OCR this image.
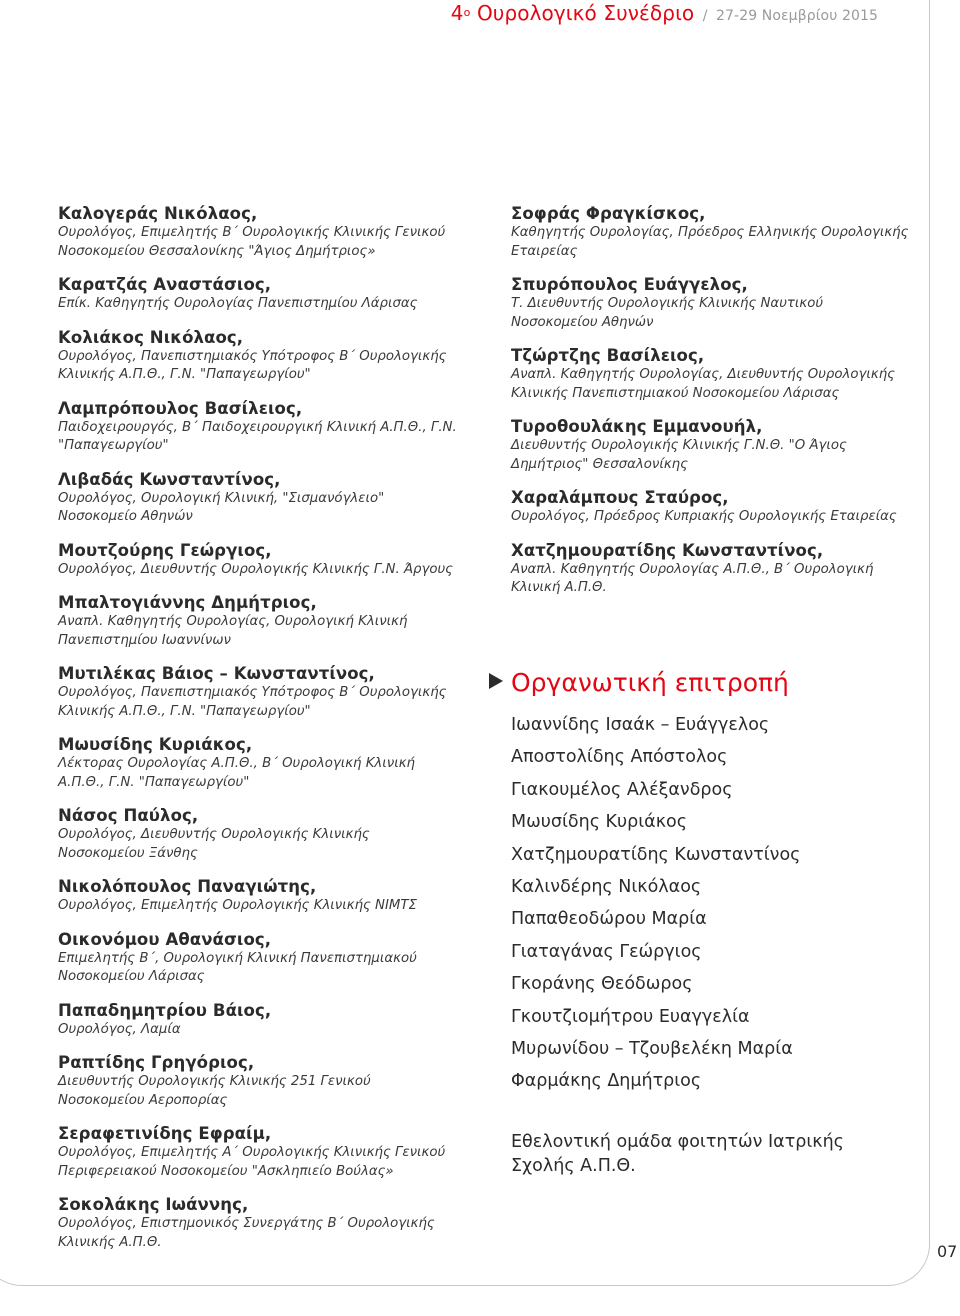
$4^o$ Ουρολογικό Συνέδριο / 27-29 Νοεμβρίου 2015
Καλογεράς Νικόλαος,
Ουρολόγος, Επιμελητής Β΄ Ουρολογικής Κλινικής Γενικού Νοσοκομείου Θεσσαλονίκης "Άγιος Δημήτριος»
Καρατζάς Αναστάσιος,
Επίκ. Καθηγητής Ουρολογίας Πανεπιστημίου Λάρισας
Κολιάκος Νικόλαος,
Ουρολόγος, Πανεπιστημιακός Υπότροφος Β΄ Ουρολογικής Κλινικής Α.Π.Θ., Γ.Ν. "Παπαγεωργίου"
Λαμπρόπουλος Βασίλειος,
Παιδοχειρουργός, Β΄ Παιδοχειρουργική Κλινική Α.Π.Θ., Γ.Ν. "Παπαγεωργίου"
Λιβαδάς Κωνσταντίνος,
Ουρολόγος, Ουρολογική Κλινική, "Σισμανόγλειο" Νοσοκομείο Αθηνών
Μουτζούρης Γεώργιος,
Ουρολόγος, Διευθυντής Ουρολογικής Κλινικής Γ.Ν. Άργους
Μπαλτογιάννης Δημήτριος,
Αναπλ. Καθηγητής Ουρολογίας, Ουρολογική Κλινική Πανεπιστημίου Ιωαννίνων
Μυτιλέκας Βάιος – Κωνσταντίνος,
Ουρολόγος, Πανεπιστημιακός Υπότροφος Β΄ Ουρολογικής Κλινικής Α.Π.Θ., Γ.Ν. "Παπαγεωργίου"
Μωυσίδης Κυριάκος,
Λέκτορας Ουρολογίας Α.Π.Θ., Β΄ Ουρολογική Κλινική Α.Π.Θ., Γ.Ν. "Παπαγεωργίου"
Νάσος Παύλος,
Ουρολόγος, Διευθυντής Ουρολογικής Κλινικής Νοσοκομείου Ξάνθης
Νικολόπουλος Παναγιώτης,
Ουρολόγος, Επιμελητής Ουρολογικής Κλινικής ΝΙΜΤΣ
Οικονόμου Αθανάσιος,
Επιμελητής Β΄, Ουρολογική Κλινική Πανεπιστημιακού Νοσοκομείου Λάρισας
Παπαδημητρίου Βάιος,
Ουρολόγος, Λαμία
Ραπτίδης Γρηγόριος,
Διευθυντής Ουρολογικής Κλινικής 251 Γενικού Νοσοκομείου Αεροπορίας
Σεραφετινίδης Εφραίμ,
Ουρολόγος, Επιμελητής Α΄ Ουρολογικής Κλινικής Γενικού Περιφερειακού Νοσοκομείου "Ασκληπιείο Βούλας»
Σοκολάκης Ιωάννης,
Ουρολόγος, Επιστημονικός Συνεργάτης Β΄ Ουρολογικής Κλινικής Α.Π.Θ.
Σοφράς Φραγκίσκος,
Καθηγητής Ουρολογίας, Πρόεδρος Ελληνικής Ουρολογικής Εταιρείας
Σπυρόπουλος Ευάγγελος,
Τ. Διευθυντής Ουρολογικής Κλινικής Ναυτικού Νοσοκομείου Αθηνών
Τζώρτζης Βασίλειος,
Αναπλ. Καθηγητής Ουρολογίας, Διευθυντής Ουρολογικής Κλινικής Πανεπιστημιακού Νοσοκομείου Λάρισας
Τυροθουλάκης Εμμανουήλ,
Διευθυντής Ουρολογικής Κλινικής Γ.Ν.Θ. "Ο Άγιος Δημήτριος" Θεσσαλονίκης
Χαραλάμπους Σταύρος,
Ουρολόγος, Πρόεδρος Κυπριακής Ουρολογικής Εταιρείας
Χατζημουρατίδης Κωνσταντίνος,
Αναπλ. Καθηγητής Ουρολογίας Α.Π.Θ., Β΄ Ουρολογική Κλινική Α.Π.Θ.
Οργανωτική επιτροπή
Ιωαννίδης Ισαάκ – Ευάγγελος
Αποστολίδης Απόστολος
Γιακουμέλος Αλέξανδρος
Μωυσίδης Κυριάκος
Χατζημουρατίδης Κωνσταντίνος
Καλινδέρης Νικόλαος
Παπαθεοδώρου Μαρία
Γιαταγάνας Γεώργιος
Γκοράνης Θεόδωρος
Γκουτζιομήτρου Ευαγγελία
Μυρωνίδου – Τζουβελέκη Μαρία
Φαρμάκης Δημήτριος
Εθελοντική ομάδα φοιτητών Ιατρικής Σχολής Α.Π.Θ.
07
